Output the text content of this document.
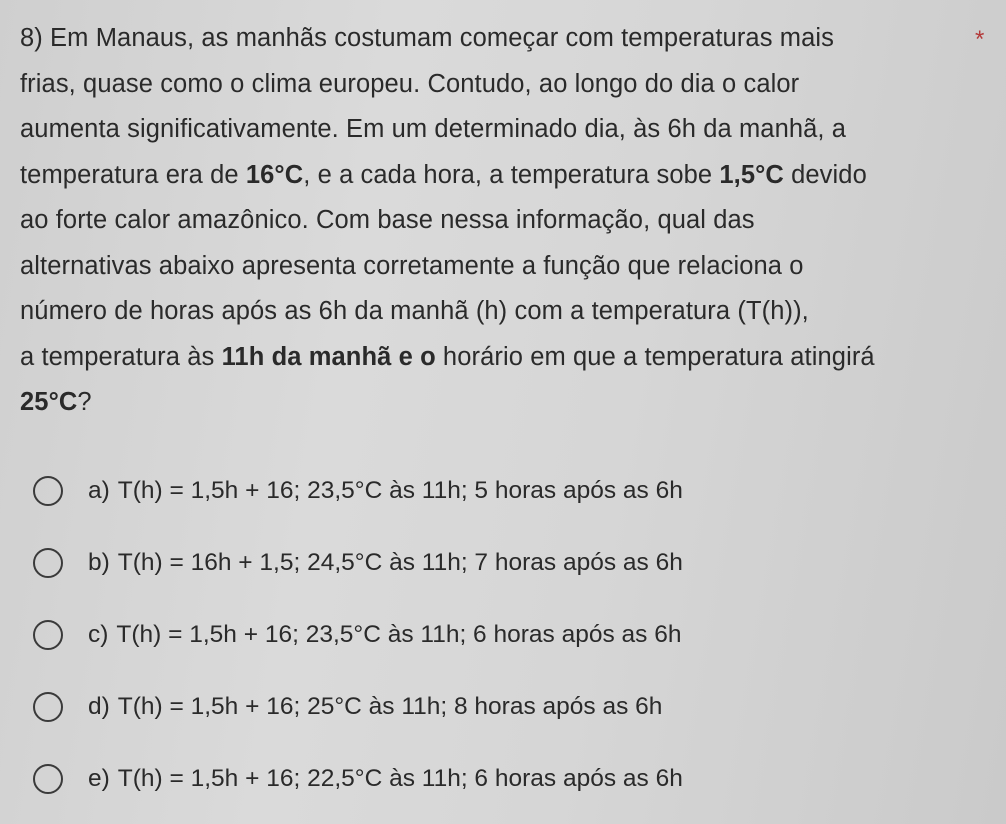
8) Em Manaus, as manhãs costumam começar com temperaturas mais
frias, quase como o clima europeu. Contudo, ao longo do dia o calor
aumenta significativamente. Em um determinado dia, às 6h da manhã, a
temperatura era de 16°C, e a cada hora, a temperatura sobe 1,5°C devido
ao forte calor amazônico. Com base nessa informação, qual das
alternativas abaixo apresenta corretamente a função que relaciona o
número de horas após as 6h da manhã (h) com a temperatura (T(h)),
a temperatura às 11h da manhã e o horário em que a temperatura atingirá
25°C?
*
a) T(h) = 1,5h + 16; 23,5°C às 11h; 5 horas após as 6h
b) T(h) = 16h + 1,5; 24,5°C às 11h; 7 horas após as 6h
c) T(h) = 1,5h + 16; 23,5°C às 11h; 6 horas após as 6h
d) T(h) = 1,5h + 16; 25°C às 11h; 8 horas após as 6h
e) T(h) = 1,5h + 16; 22,5°C às 11h; 6 horas após as 6h
